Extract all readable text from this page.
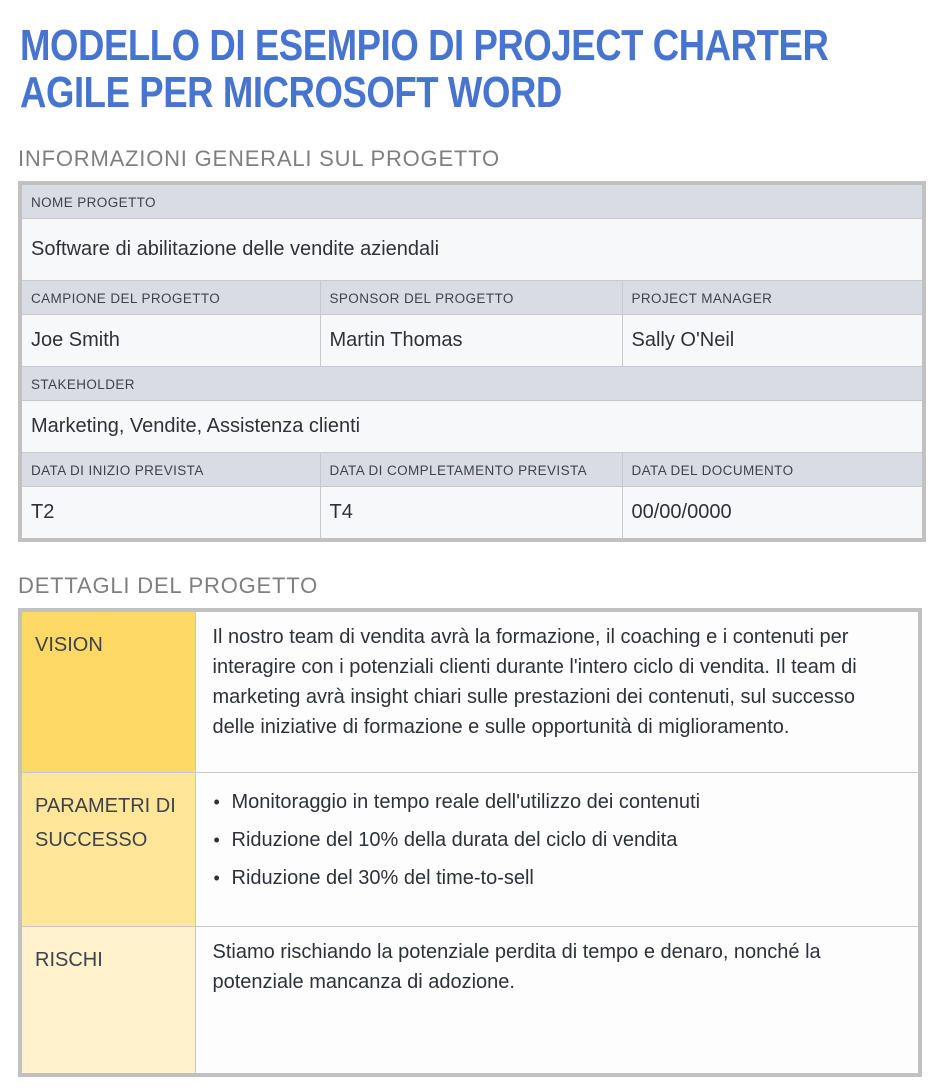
MODELLO DI ESEMPIO DI PROJECT CHARTER
AGILE PER MICROSOFT WORD
INFORMAZIONI GENERALI SUL PROGETTO
NOME PROGETTO		
Software di abilitazione delle vendite aziendali		
CAMPIONE DEL PROGETTO	SPONSOR DEL PROGETTO	PROJECT MANAGER
Joe Smith	Martin Thomas	Sally O'Neil
STAKEHOLDER		
Marketing, Vendite, Assistenza clienti		
DATA DI INIZIO PREVISTA	DATA DI COMPLETAMENTO PREVISTA	DATA DEL DOCUMENTO
T2	T4	00/00/0000
DETTAGLI DEL PROGETTO
VISION	Il nostro team di vendita avrà la formazione, il coaching e i contenuti per interagire con i potenziali clienti durante l'intero ciclo di vendita. Il team di marketing avrà insight chiari sulle prestazioni dei contenuti, sul successo delle iniziative di formazione e sulle opportunità di miglioramento.
PARAMETRI DI SUCCESSO	
• Monitoraggio in tempo reale dell'utilizzo dei contenuti
• Riduzione del 10% della durata del ciclo di vendita
• Riduzione del 30% del time-to-sell

RISCHI	Stiamo rischiando la potenziale perdita di tempo e denaro, nonché la potenziale mancanza di adozione.
